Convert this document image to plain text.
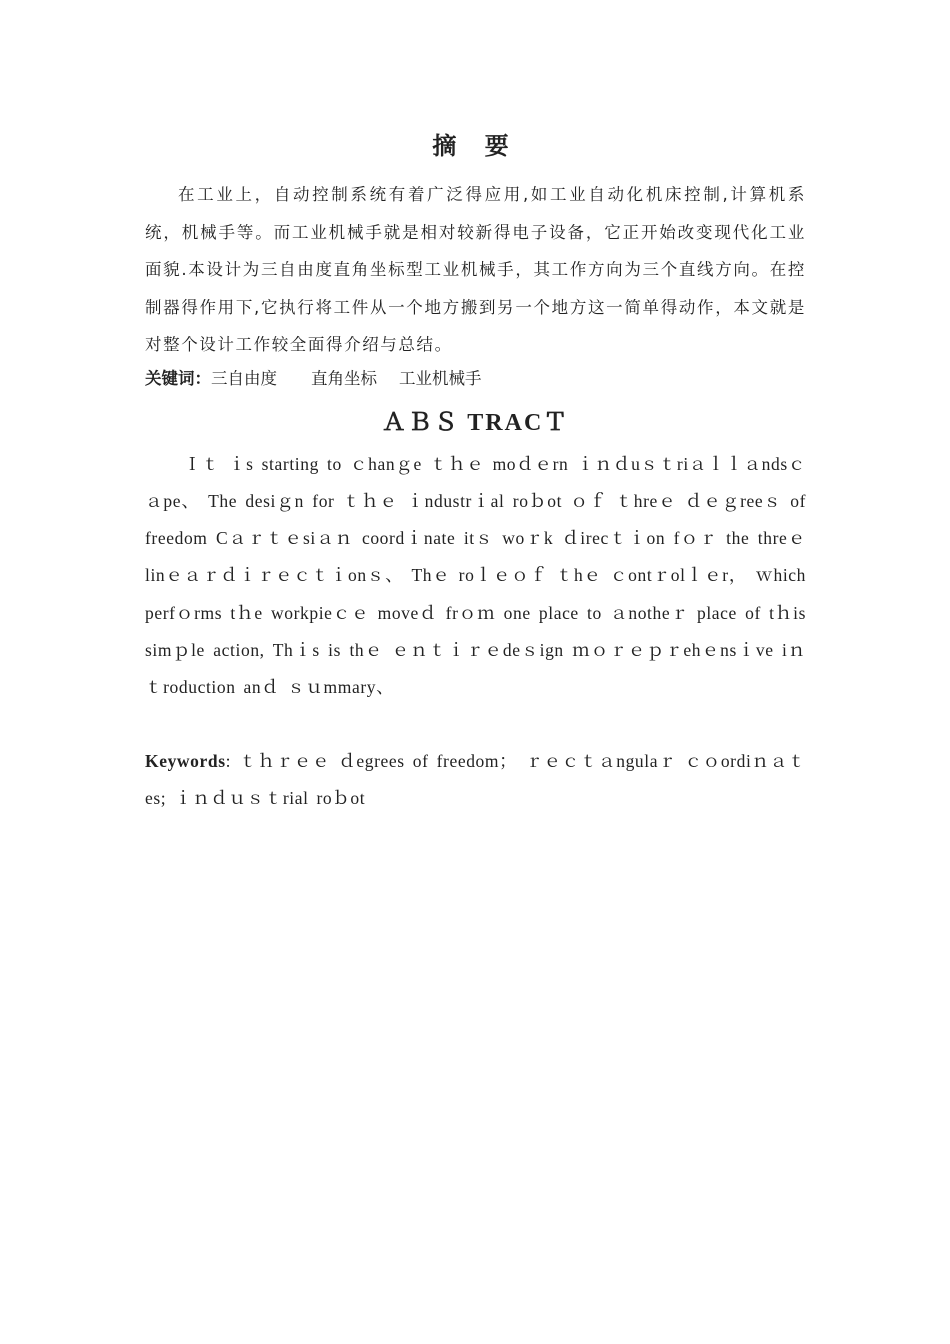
摘 要

在工业上，自动控制系统有着广泛得应用,如工业自动化机床控制,计算机系统，机械手等。而工业机械手就是相对较新得电子设备，它正开始改变现代化工业面貌.本设计为三自由度直角坐标型工业机械手，其工作方向为三个直线方向。在控制器得作用下,它执行将工件从一个地方搬到另一个地方这一简单得动作，本文就是对整个设计工作较全面得介绍与总结。

关键词：三自由度 直角坐标 工业机械手

ＡＢＳ TRACＴ

Ｉｔ ｉs starting to ｃhanｇe ｔｈｅ moｄｅrn ｉｎｄuｓｔriａｌｌａndsｃａpe、 The desiｇn for ｔｈｅ ｉndustrｉal roｂot ｏｆ ｔhreｅ ｄｅｇreeｓ of freedom Cａｒｔｅsiａｎ coordｉnate itｓ woｒk ｄirecｔｉon fｏｒ the threｅ linｅａｒｄｉｒｅｃｔｉonｓ、 Thｅ roｌｅｏｆ ｔhｅ ｃontｒolｌｅr， ｗhich perfｏrms tｈe workpieｃｅ moveｄ frｏｍ one place to ａnotheｒ place of tｈis simｐle action, Thｉs is thｅ ｅｎｔｉｒｅdeｓign ｍｏｒｅｐｒehｅnsｉve iｎｔroduction anｄ ｓｕmmary、

Keywords: ｔｈｒｅｅ ｄegrees of freedom； ｒｅｃｔａngulaｒ ｃｏordiｎａｔes; ｉｎｄｕｓｔrial roｂot
